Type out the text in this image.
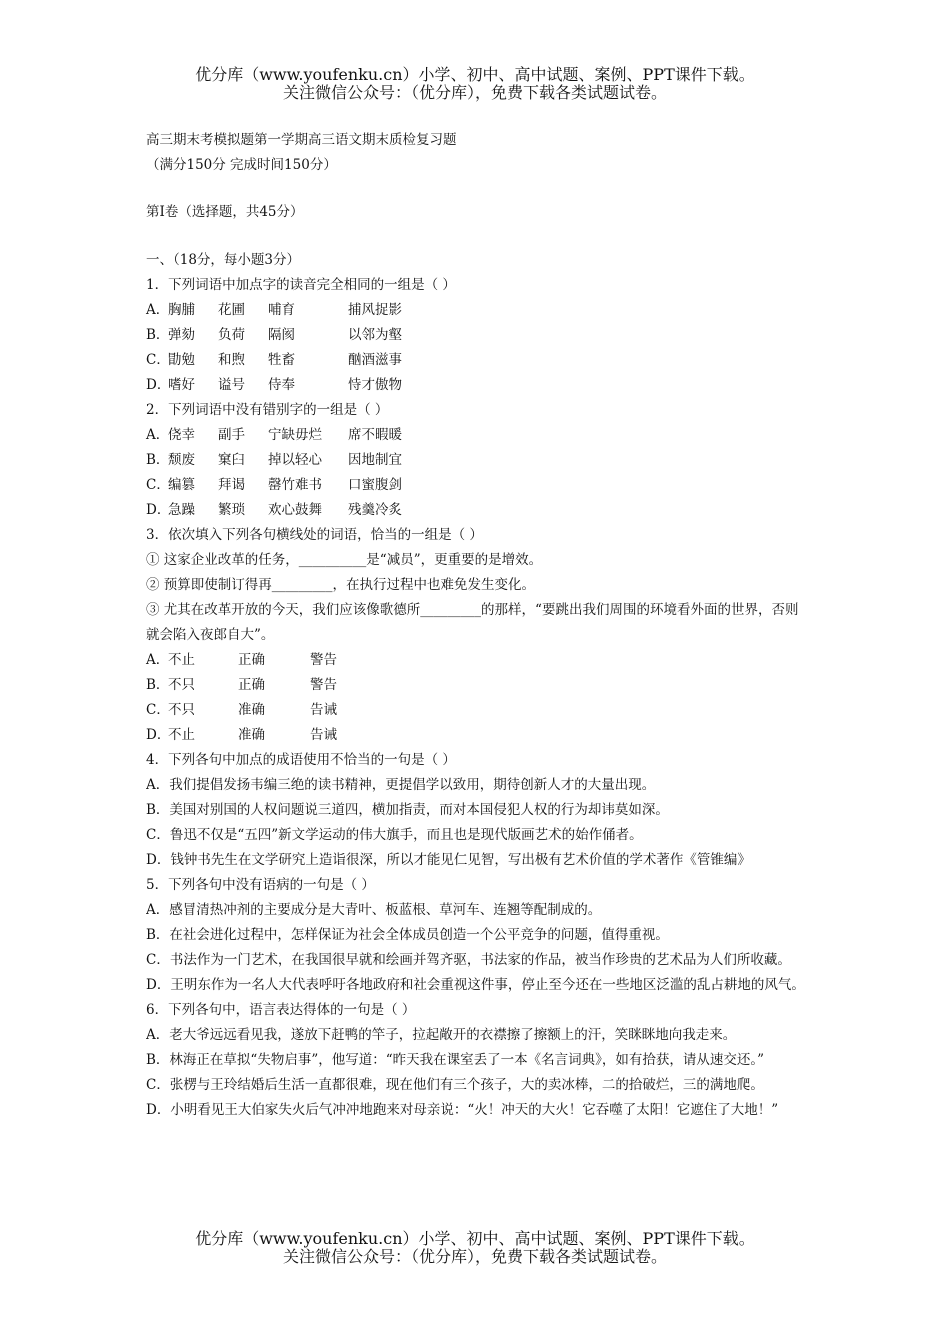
优分库（www.youfenku.cn）小学、初中、高中试题、案例、PPT课件下载。
关注微信公众号：（优分库），免费下载各类试题试卷。
高三期末考模拟题第一学期高三语文期末质检复习题
（满分150分 完成时间150分）
第Ⅰ卷（选择题，共45分）
一、（18分，每小题3分）
1．下列词语中加点字的读音完全相同的一组是（ ）
A．
胸脯	花圃	哺育	捕风捉影
B．
弹劾	负荷	隔阂	以邻为壑
C．
勖勉	和煦	牲畜	酗酒滋事
D．
嗜好	谥号	侍奉	恃才傲物
2．下列词语中没有错别字的一组是（ ）
A．
侥幸	副手	宁缺毋烂	席不暇暖
B．
颓废	窠臼	掉以轻心	因地制宜
C．
编篡	拜谒	罄竹难书	口蜜腹剑
D．
急躁	繁琐	欢心鼓舞	残羹冷炙
3．依次填入下列各句横线处的词语，恰当的一组是（ ）
① 这家企业改革的任务，__________是“减员”，更重要的是增效。
② 预算即使制订得再_________，在执行过程中也难免发生变化。
③ 尤其在改革开放的今天，我们应该像歌德所_________的那样，“要跳出我们周围的环境看外面的世界，否则就会陷入夜郎自大”。
A．
不止	正确	警告
B．
不只	正确	警告
C．
不只	准确	告诫
D．
不止	准确	告诫
4．下列各句中加点的成语使用不恰当的一句是（ ）
A．我们提倡发扬韦编三绝的读书精神，更提倡学以致用，期待创新人才的大量出现。
B．美国对别国的人权问题说三道四，横加指责，而对本国侵犯人权的行为却讳莫如深。
C．鲁迅不仅是“五四”新文学运动的伟大旗手，而且也是现代版画艺术的始作俑者。
D．钱钟书先生在文学研究上造诣很深，所以才能见仁见智，写出极有艺术价值的学术著作《管锥编》
5．下列各句中没有语病的一句是（ ）
A．感冒清热冲剂的主要成分是大青叶、板蓝根、草河车、连翘等配制成的。
B．在社会进化过程中，怎样保证为社会全体成员创造一个公平竞争的问题，值得重视。
C．书法作为一门艺术，在我国很早就和绘画并驾齐驱，书法家的作品，被当作珍贵的艺术品为人们所收藏。
D．王明东作为一名人大代表呼吁各地政府和社会重视这件事，停止至今还在一些地区泛滥的乱占耕地的风气。
6．下列各句中，语言表达得体的一句是（ ）
A．老大爷远远看见我，遂放下赶鸭的竿子，拉起敞开的衣襟擦了擦额上的汗，笑眯眯地向我走来。
B．林海正在草拟“失物启事”，他写道：“昨天我在课室丢了一本《名言词典》，如有拾获，请从速交还。”
C．张楞与王玲结婚后生活一直都很难，现在他们有三个孩子，大的卖冰棒，二的拾破烂，三的满地爬。
D．小明看见王大伯家失火后气冲冲地跑来对母亲说：“火！冲天的大火！它吞噬了太阳！它遮住了大地！”
优分库（www.youfenku.cn）小学、初中、高中试题、案例、PPT课件下载。
关注微信公众号：（优分库），免费下载各类试题试卷。
